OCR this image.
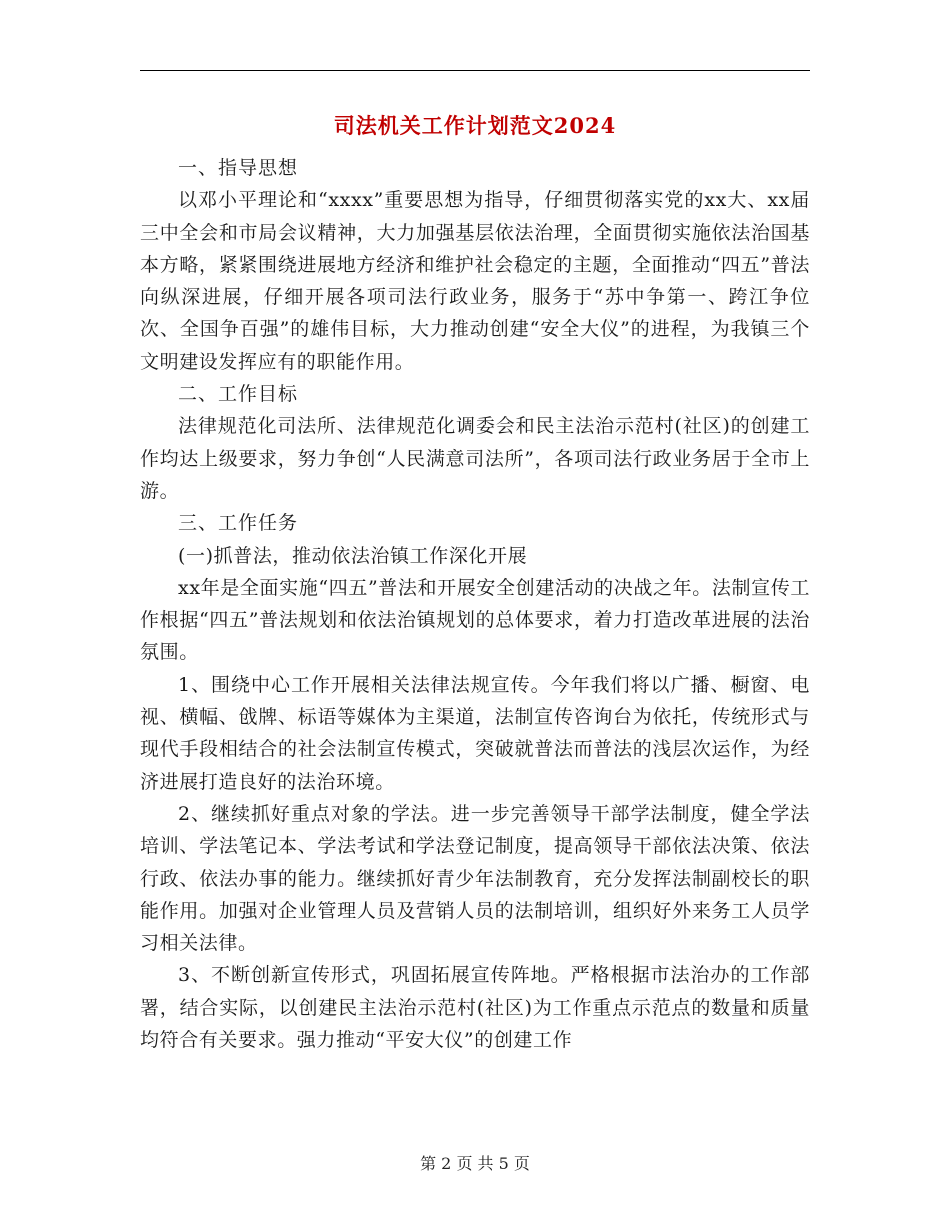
司法机关工作计划范文2024

一、指导思想

以邓小平理论和“xxxx”重要思想为指导，仔细贯彻落实党的xx大、xx届三中全会和市局会议精神，大力加强基层依法治理，全面贯彻实施依法治国基本方略，紧紧围绕进展地方经济和维护社会稳定的主题，全面推动“四五”普法向纵深进展，仔细开展各项司法行政业务，服务于“苏中争第一、跨江争位次、全国争百强”的雄伟目标，大力推动创建“安全大仪”的进程，为我镇三个文明建设发挥应有的职能作用。

二、工作目标

法律规范化司法所、法律规范化调委会和民主法治示范村(社区)的创建工作均达上级要求，努力争创“人民满意司法所”，各项司法行政业务居于全市上游。

三、工作任务

(一)抓普法，推动依法治镇工作深化开展

xx年是全面实施“四五”普法和开展安全创建活动的决战之年。法制宣传工作根据“四五”普法规划和依法治镇规划的总体要求，着力打造改革进展的法治氛围。

1、围绕中心工作开展相关法律法规宣传。今年我们将以广播、橱窗、电视、横幅、戗牌、标语等媒体为主渠道，法制宣传咨询台为依托，传统形式与现代手段相结合的社会法制宣传模式，突破就普法而普法的浅层次运作，为经济进展打造良好的法治环境。

2、继续抓好重点对象的学法。进一步完善领导干部学法制度，健全学法培训、学法笔记本、学法考试和学法登记制度，提高领导干部依法决策、依法行政、依法办事的能力。继续抓好青少年法制教育，充分发挥法制副校长的职能作用。加强对企业管理人员及营销人员的法制培训，组织好外来务工人员学习相关法律。

3、不断创新宣传形式，巩固拓展宣传阵地。严格根据市法治办的工作部署，结合实际，以创建民主法治示范村(社区)为工作重点示范点的数量和质量均符合有关要求。强力推动“平安大仪”的创建工作

第 2 页 共 5 页
